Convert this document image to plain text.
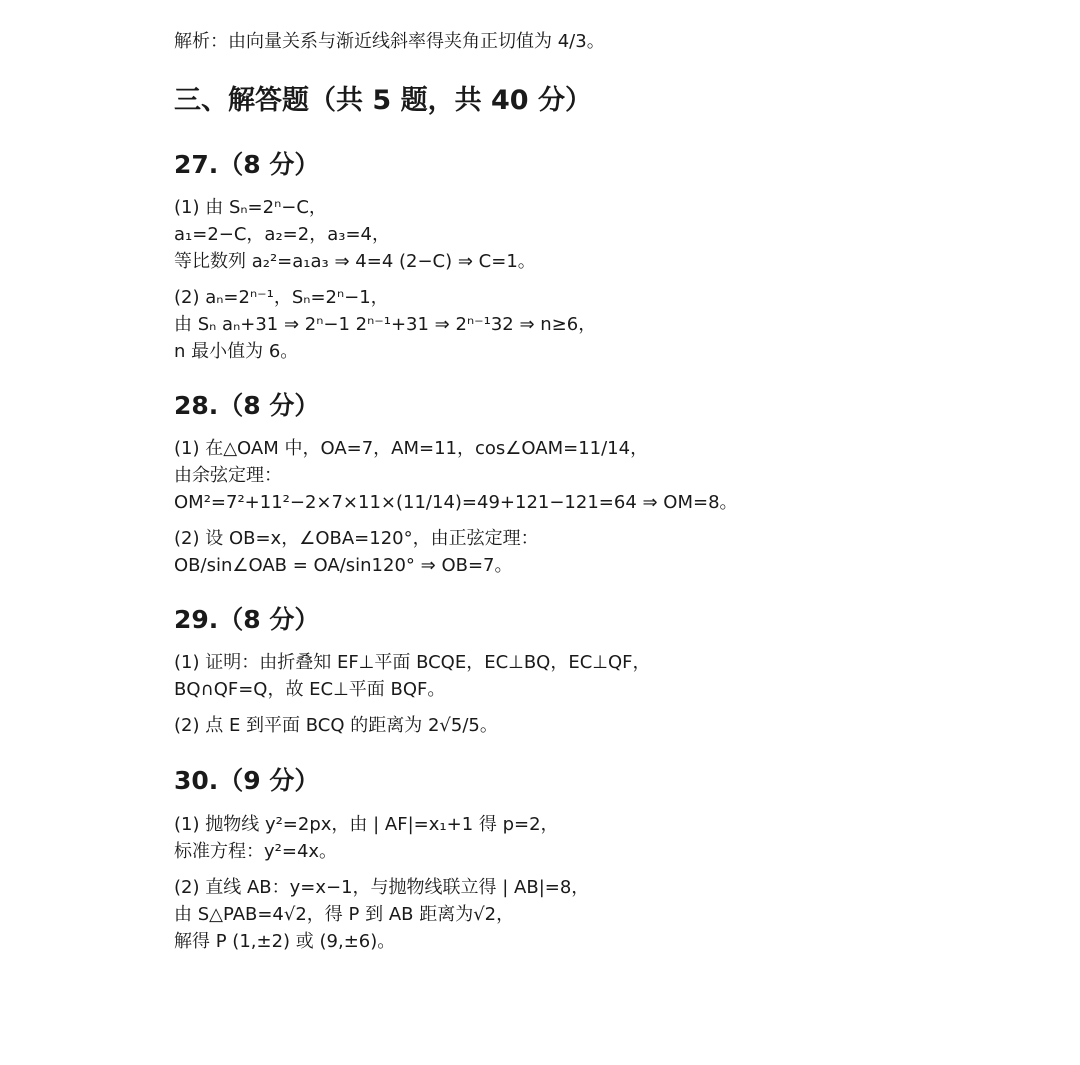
解析：由向量关系与渐近线斜率得夹角正切值为 4/3。
三、解答题（共 5 题，共 40 分）
27.（8 分）
(1) 由 Sₙ=2ⁿ−C，
a₁=2−C，a₂=2，a₃=4，
等比数列 a₂²=a₁a₃ ⇒ 4=4 (2−C) ⇒ C=1。
(2) aₙ=2ⁿ⁻¹，Sₙ=2ⁿ−1，
由 Sₙ aₙ+31 ⇒ 2ⁿ−1 2ⁿ⁻¹+31 ⇒ 2ⁿ⁻¹32 ⇒ n≥6，
n 最小值为 6。
28.（8 分）
(1) 在△OAM 中，OA=7，AM=11，cos∠OAM=11/14，
由余弦定理：
OM²=7²+11²−2×7×11×(11/14)=49+121−121=64 ⇒ OM=8。
(2) 设 OB=x，∠OBA=120°，由正弦定理：
OB/sin∠OAB = OA/sin120° ⇒ OB=7。
29.（8 分）
(1) 证明：由折叠知 EF⊥平面 BCQE，EC⊥BQ，EC⊥QF，
BQ∩QF=Q，故 EC⊥平面 BQF。
(2) 点 E 到平面 BCQ 的距离为 2√5/5。
30.（9 分）
(1) 抛物线 y²=2px，由 | AF|=x₁+1 得 p=2，
标准方程：y²=4x。
(2) 直线 AB：y=x−1，与抛物线联立得 | AB|=8，
由 S△PAB=4√2，得 P 到 AB 距离为√2，
解得 P (1,±2) 或 (9,±6)。
